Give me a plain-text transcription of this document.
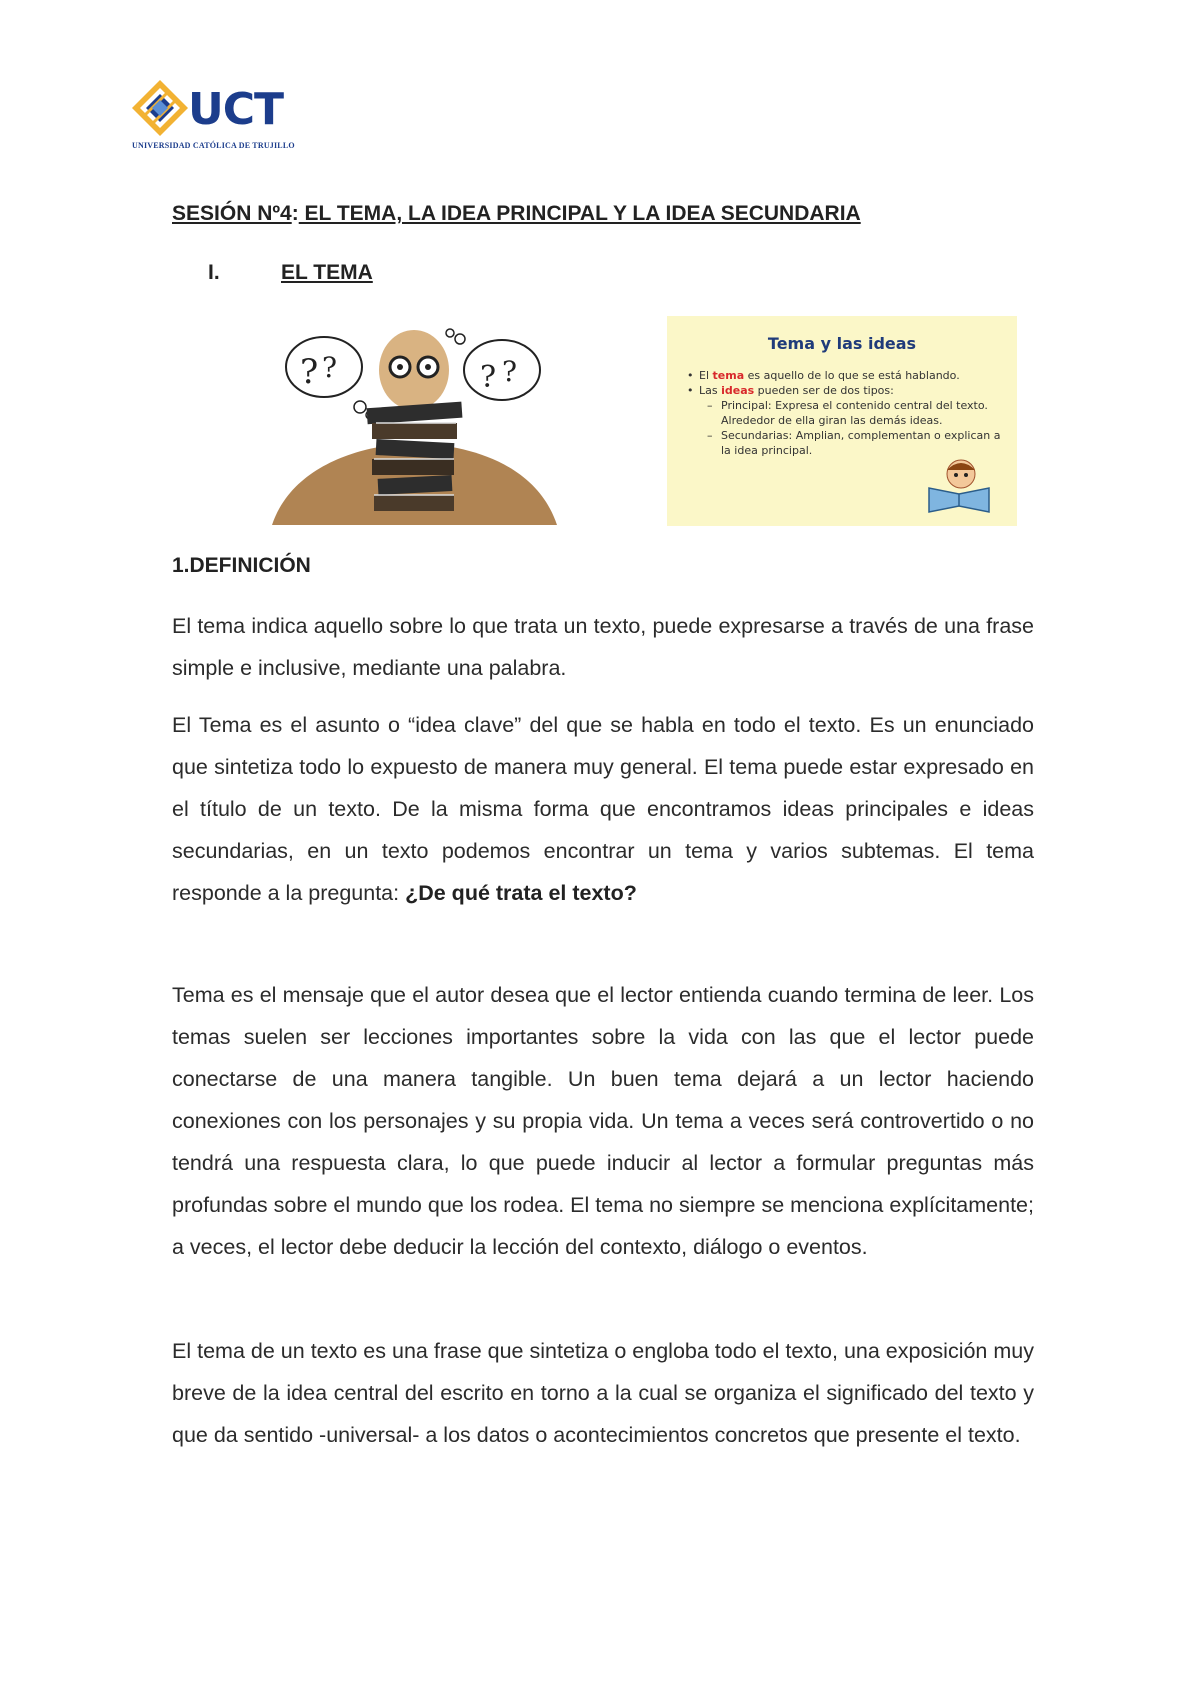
UCT
UNIVERSIDAD CATÓLICA DE TRUJILLO
SESIÓN Nº4: EL TEMA, LA IDEA PRINCIPAL Y LA IDEA SECUNDARIA
I.	EL TEMA
? ?	? ?
Tema y las ideas
• El tema es aquello de lo que se está hablando.
• Las ideas pueden ser de dos tipos:
– Principal: Expresa el contenido central del texto. Alrededor de ella giran las demás ideas.
– Secundarias: Amplian, complementan o explican a la idea principal.
1.DEFINICIÓN

El tema indica aquello sobre lo que trata un texto, puede expresarse a través de una frase simple e inclusive, mediante una palabra.

El Tema es el asunto o “idea clave” del que se habla en todo el texto. Es un enunciado que sintetiza todo lo expuesto de manera muy general. El tema puede estar expresado en el título de un texto. De la misma forma que encontramos ideas principales e ideas secundarias, en un texto podemos encontrar un tema y varios subtemas. El tema responde a la pregunta: ¿De qué trata el texto?

Tema es el mensaje que el autor desea que el lector entienda cuando termina de leer. Los temas suelen ser lecciones importantes sobre la vida con las que el lector puede conectarse de una manera tangible. Un buen tema dejará a un lector haciendo conexiones con los personajes y su propia vida. Un tema a veces será controvertido o no tendrá una respuesta clara, lo que puede inducir al lector a formular preguntas más profundas sobre el mundo que los rodea. El tema no siempre se menciona explícitamente; a veces, el lector debe deducir la lección del contexto, diálogo o eventos.

El tema de un texto es una frase que sintetiza o engloba todo el texto, una exposición muy breve de la idea central del escrito en torno a la cual se organiza el significado del texto y que da sentido -universal- a los datos o acontecimientos concretos que presente el texto.
